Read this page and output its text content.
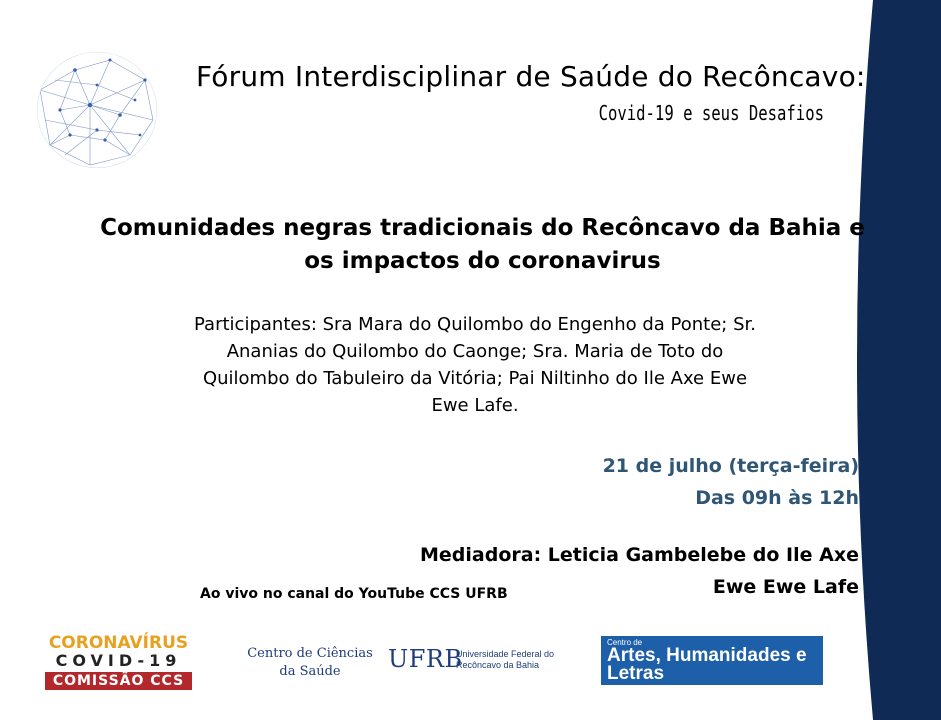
Fórum Interdisciplinar de Saúde do Recôncavo:
Covid-19 e seus Desafios
Comunidades negras tradicionais do Recôncavo da Bahia e
os impactos do coronavirus
Participantes: Sra Mara do Quilombo do Engenho da Ponte; Sr.
Ananias do Quilombo do Caonge; Sra. Maria de Toto do
Quilombo do Tabuleiro da Vitória; Pai Niltinho do Ile Axe Ewe
Ewe Lafe.
21 de julho (terça-feira)
Das 09h às 12h
Mediadora: Leticia Gambelebe do Ile Axe
Ewe Ewe Lafe
Ao vivo no canal do YouTube CCS UFRB
CORONAVÍRUS
COVID-19
COMISSÃO CCS
Centro de Ciências
da Saúde	UFRB
Universidade Federal do
Recôncavo da Bahia
Centro de
Artes, Humanidades e
Letras
